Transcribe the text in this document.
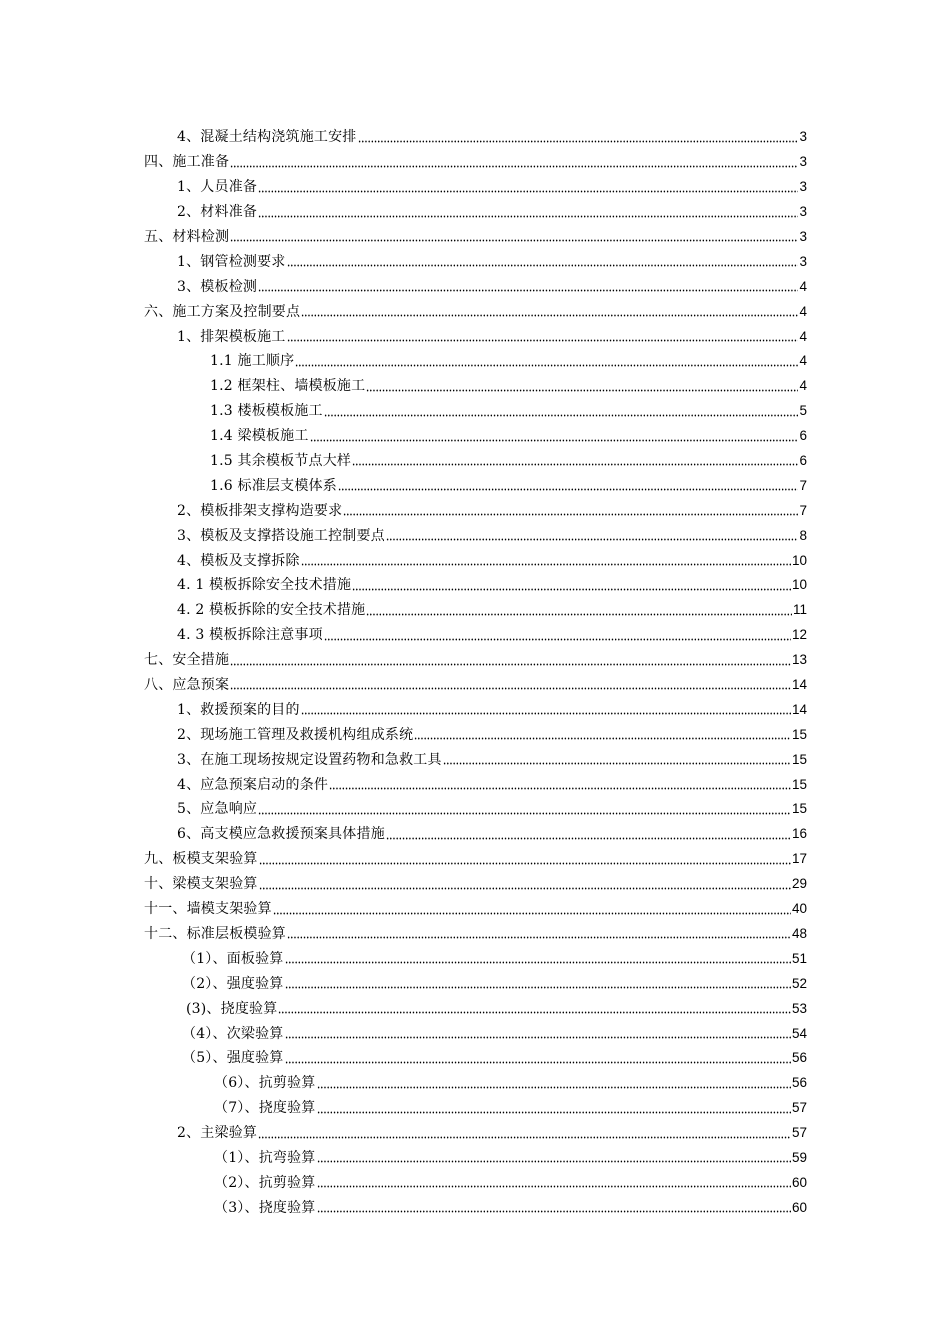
4、混凝土结构浇筑施工安排	3
四、施工准备	3
1、人员准备	3
2、材料准备	3
五、材料检测	3
1、钢管检测要求	3
3、模板检测	4
六、施工方案及控制要点	4
1、排架模板施工	4
1.1 施工顺序	4
1.2 框架柱、墙模板施工	4
1.3 楼板模板施工	5
1.4 梁模板施工	6
1.5 其余模板节点大样	6
1.6 标准层支模体系	7
2、模板排架支撑构造要求	7
3、模板及支撑搭设施工控制要点	8
4、模板及支撑拆除	10
4. 1 模板拆除安全技术措施	10
4. 2 模板拆除的安全技术措施	11
4. 3 模板拆除注意事项	12
七、安全措施	13
八、应急预案	14
1、救援预案的目的	14
2、现场施工管理及救援机构组成系统	15
3、在施工现场按规定设置药物和急救工具	15
4、应急预案启动的条件	15
5、应急响应	15
6、高支模应急救援预案具体措施	16
九、板模支架验算	17
十、梁模支架验算	29
十一、墙模支架验算	40
十二、标准层板模验算	48
（1）、面板验算	51
（2）、强度验算	52
(3)、挠度验算	53
（4）、次梁验算	54
（5）、强度验算	56
（6）、抗剪验算	56
（7）、挠度验算	57
2、主梁验算	57
（1）、抗弯验算	59
（2）、抗剪验算	60
（3）、挠度验算	60
